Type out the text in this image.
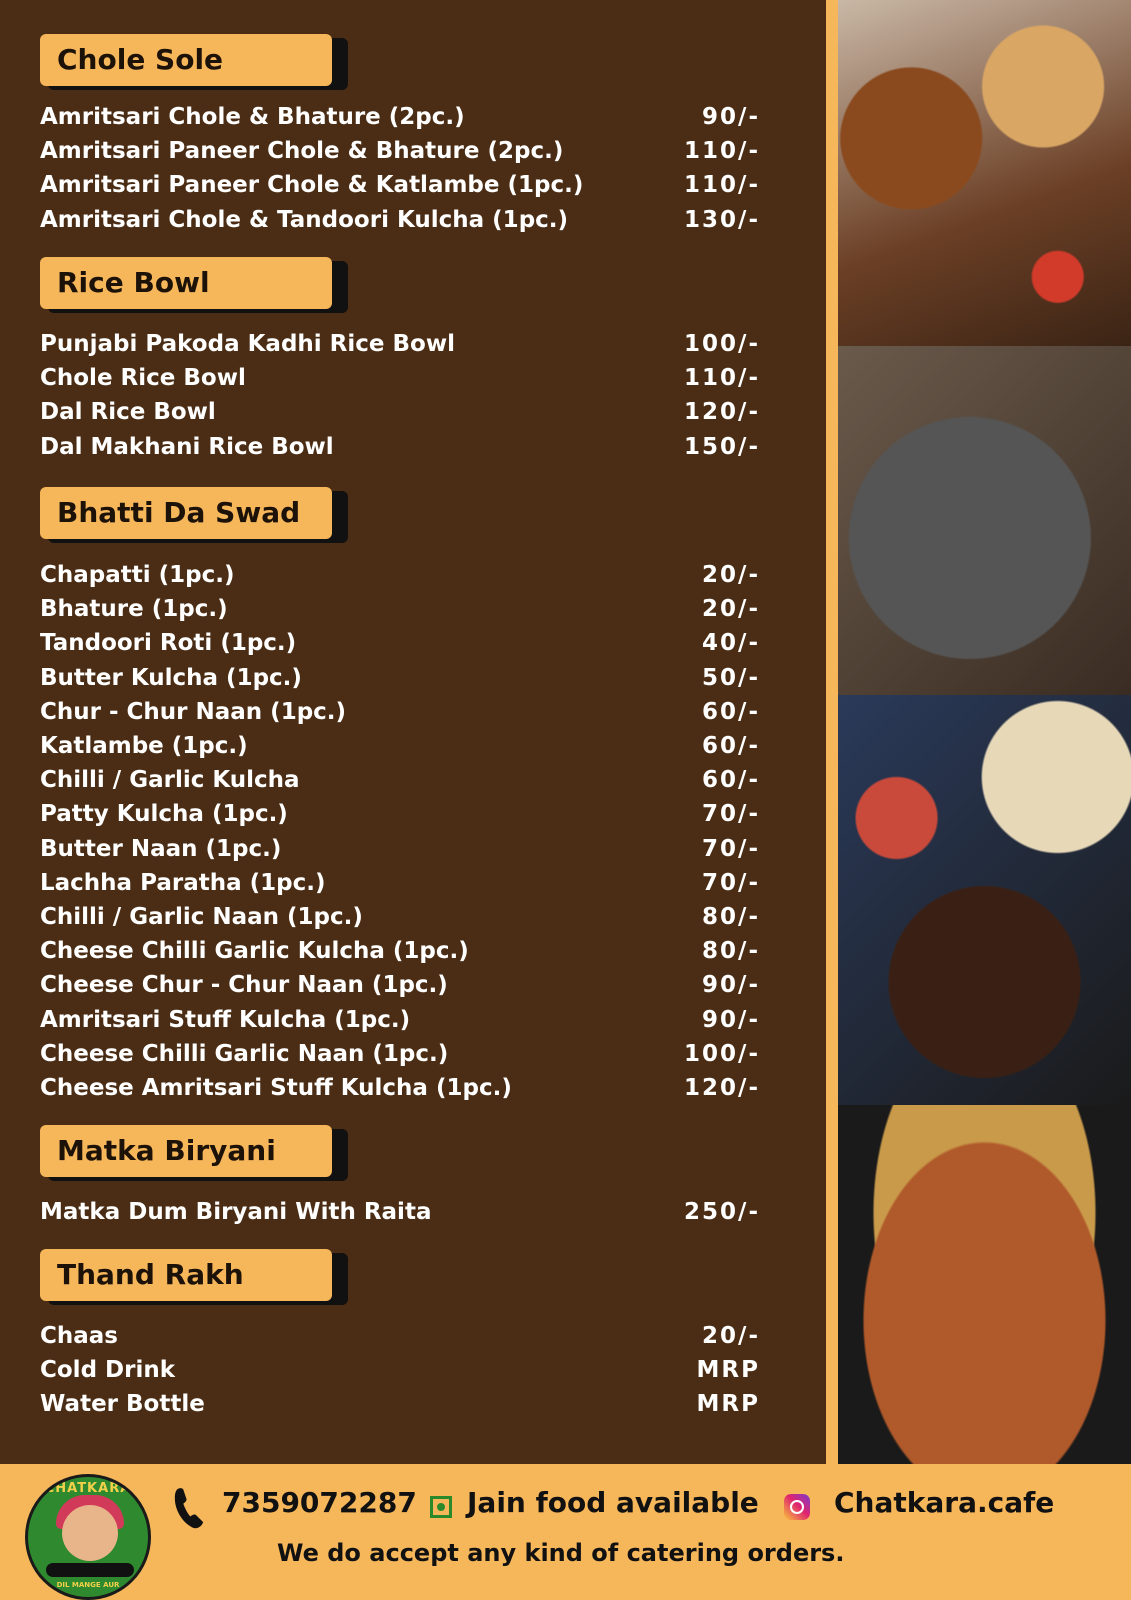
Chole Sole
Amritsari Chole & Bhature (2pc.)	90/-
Amritsari Paneer Chole & Bhature (2pc.)	110/-
Amritsari Paneer Chole & Katlambe (1pc.)	110/-
Amritsari Chole & Tandoori Kulcha (1pc.)	130/-
Rice Bowl
Punjabi Pakoda Kadhi Rice Bowl	100/-
Chole Rice Bowl	110/-
Dal Rice Bowl	120/-
Dal Makhani Rice Bowl	150/-
Bhatti Da Swad
Chapatti (1pc.)	20/-
Bhature (1pc.)	20/-
Tandoori Roti (1pc.)	40/-
Butter Kulcha (1pc.)	50/-
Chur - Chur Naan (1pc.)	60/-
Katlambe (1pc.)	60/-
Chilli / Garlic Kulcha	60/-
Patty Kulcha (1pc.)	70/-
Butter Naan (1pc.)	70/-
Lachha Paratha (1pc.)	70/-
Chilli / Garlic Naan (1pc.)	80/-
Cheese Chilli Garlic Kulcha (1pc.)	80/-
Cheese Chur - Chur Naan (1pc.)	90/-
Amritsari Stuff Kulcha (1pc.)	90/-
Cheese Chilli Garlic Naan (1pc.)	100/-
Cheese Amritsari Stuff Kulcha (1pc.)	120/-
Matka Biryani
Matka Dum Biryani With Raita	250/-
Thand Rakh
Chaas	20/-
Cold Drink	MRP
Water Bottle	MRP
CHATKARA
DIL MANGE AUR
7359072287 Jain food available	Chatkara.cafe
We do accept any kind of catering orders.
